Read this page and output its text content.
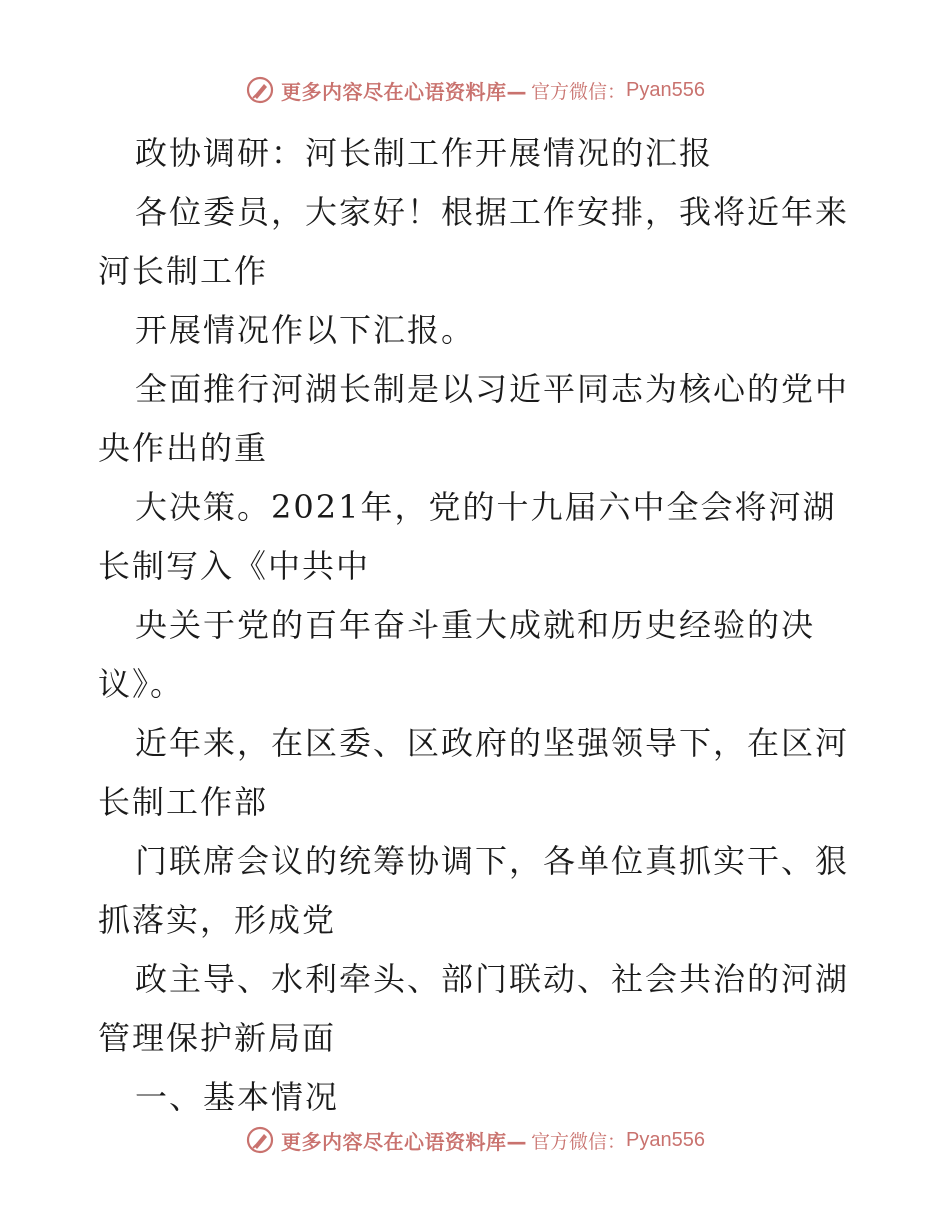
更多内容尽在心语资料库— 官方微信： Pyan556
政协调研：河长制工作开展情况的汇报
各位委员，大家好！根据工作安排，我将近年来
河长制工作
开展情况作以下汇报。
全面推行河湖长制是以习近平同志为核心的党中
央作出的重
大决策。2021年，党的十九届六中全会将河湖
长制写入《中共中
央关于党的百年奋斗重大成就和历史经验的决
议》。
近年来，在区委、区政府的坚强领导下，在区河
长制工作部
门联席会议的统筹协调下，各单位真抓实干、狠
抓落实，形成党
政主导、水利牵头、部门联动、社会共治的河湖
管理保护新局面
一、基本情况
更多内容尽在心语资料库— 官方微信： Pyan556
